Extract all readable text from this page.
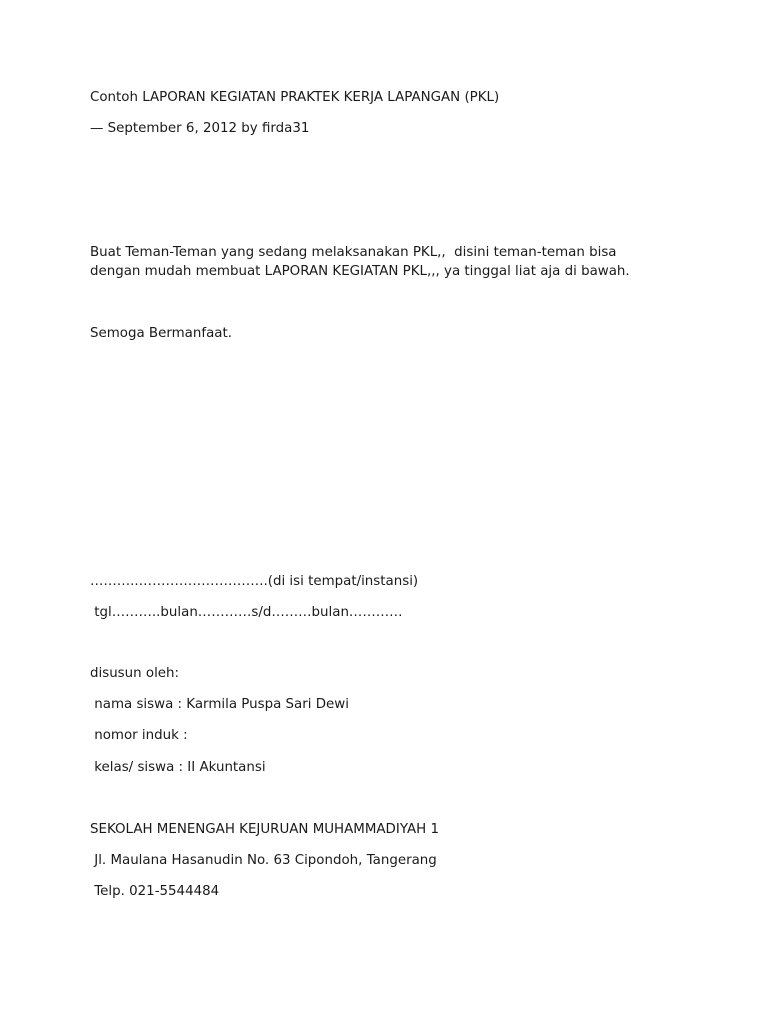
Contoh LAPORAN KEGIATAN PRAKTEK KERJA LAPANGAN (PKL)

— September 6, 2012 by firda31

Buat Teman-Teman yang sedang melaksanakan PKL,,  disini teman-teman bisa

dengan mudah membuat LAPORAN KEGIATAN PKL,,, ya tinggal liat aja di bawah.

Semoga Bermanfaat.

………..………………………..(di isi tempat/instansi)

tgl………..bulan…………s/d………bulan…………

disusun oleh:

nama siswa : Karmila Puspa Sari Dewi

nomor induk :

kelas/ siswa : II Akuntansi

SEKOLAH MENENGAH KEJURUAN MUHAMMADIYAH 1

Jl. Maulana Hasanudin No. 63 Cipondoh, Tangerang

Telp. 021-5544484
